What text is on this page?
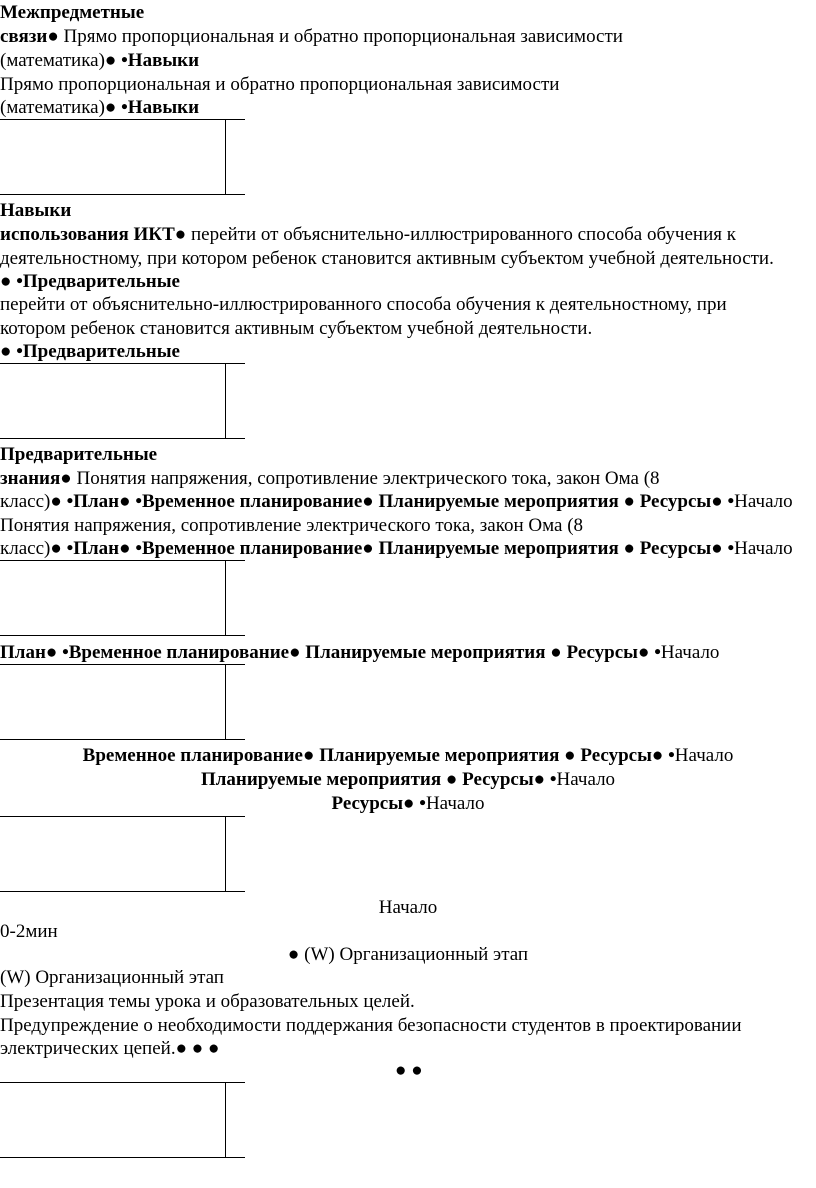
Межпредметные
связи● Прямо пропорциональная и обратно пропорциональная зависимости
(математика)● •Навыки
Прямо пропорциональная и обратно пропорциональная зависимости
(математика)● •Навыки
Навыки
использования ИКТ● перейти от объяснительно-иллюстрированного способа обучения к
деятельностному, при котором ребенок становится активным субъектом учебной деятельности.
● •Предварительные
перейти от объяснительно-иллюстрированного способа обучения к деятельностному, при
котором ребенок становится активным субъектом учебной деятельности.
● •Предварительные
Предварительные
знания● Понятия напряжения, сопротивление электрического тока, закон Ома (8
класс)● •План● •Временное планирование● Планируемые мероприятия ● Ресурсы● •Начало
Понятия напряжения, сопротивление электрического тока, закон Ома (8
класс)● •План● •Временное планирование● Планируемые мероприятия ● Ресурсы● •Начало
План● •Временное планирование● Планируемые мероприятия ● Ресурсы● •Начало
Временное планирование● Планируемые мероприятия ● Ресурсы● •Начало
Планируемые мероприятия ● Ресурсы● •Начало
Ресурсы● •Начало
Начало
0-2мин
● (W) Организационный этап
(W) Организационный этап
Презентация темы урока и образовательных целей.
Предупреждение о необходимости поддержания безопасности студентов в проектировании
электрических цепей.● ● ●
● ●
